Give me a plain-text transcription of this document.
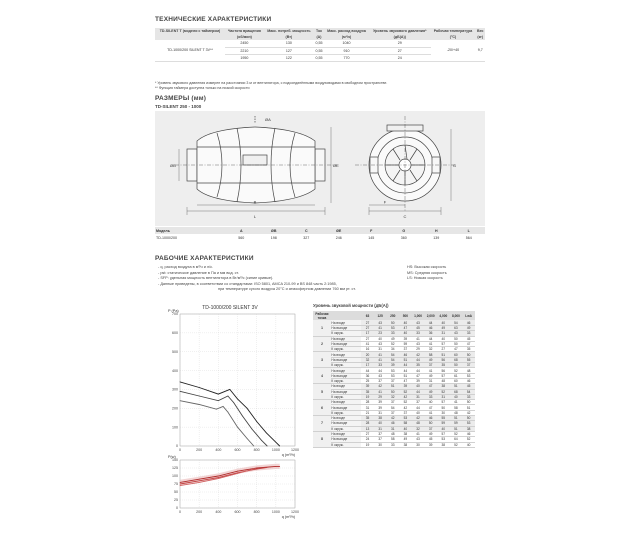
ТЕХНИЧЕСКИЕ ХАРАКТЕРИСТИКИ
TD-SILENT T (модели с таймером)	Частота вращения	Макс. потреб. мощность	Ток	Макс. расход воздуха	Уровень звукового давления*	Рабочая температура	Вес
	(об/мин)	(Вт)	(А)	(м³/ч)	(дБ(А))	(°С)	(кг)
TD-1000/200 SILENT T 3V**	2450	130	0,55	1040	29	-20/+40	9,7
	2210	127	0,55	910	27		
	1950	122	0,55	770	24		
* Уровень звукового давления измерен на расстоянии 3 м от вентилятора, с подсоединёнными воздуховодами в свободном пространстве.
** Функция таймера доступна только на низкой скорости
РАЗМЕРЫ (мм)
TD-SILENT 250 - 1000
L
B
ØA
ØB	ØE
C
F
G
Модель	A	ØB	C	ØE	F	G	H	L
TD-1000/200	560	198	327	246	145	360	139	564
РАБОЧИЕ ХАРАКТЕРИСТИКИ
- q, расход воздуха в м³/ч и л/с.
- pst: статическое давление в Па и мм вод. ст.
- SFP: удельная мощность вентилятора в Вт/м³/с (синие кривые).
- Данные приведены, в соответствии со стандартами: ISO 5801, AMCA 210-99 и BS 848 часть 2:1985,
при температуре сухого воздуха 20°С и атмосферном давлении 760 мм рт. ст.
HS: Высокая скорость
MS: Средняя скорость
LS: Низкая скорость
TD-1000/200 SILENT 3V
0	200	400	600	800	1000	1200
0
100
200
300
400
500
600
700
q (m³/h)
P (Pa)
0	200	400	600	800	1000	1200
0
25
50
75
100
125
150
q (m³/h)
P(w)
Уровень звуковой мощности (дБ(А))
Рабочая точка		63	125	250	500	1,000	2,000	4,000	8,000	LwA
1	На входе	27	43	50	40	43	44	40	54	46
	На выходе	27	41	53	47	45	46	49	63	49
	К окруж.	17	23	33	40	33	36	31	43	33
2	На входе	27	40	49	39	41	44	40	50	45
	На выходе	41	43	52	59	43	41	57	50	47
	К окруж.	16	31	34	37	29	32	27	47	35
3	На входе	20	41	54	46	42	58	51	60	50
	На выходе	32	41	54	51	44	49	56	68	55
	К окруж.	17	33	39	44	35	37	35	50	37
4	На входе	44	44	53	44	44	41	56	52	48
	На выходе	36	43	53	51	47	49	57	61	53
	К окруж.	25	37	37	47	39	31	48	60	46
5	На входе	39	42	51	39	40	47	38	51	45
	На выходе	35	41	50	52	44	49	52	68	54
	К окруж.	19	29	32	42	31	33	31	40	33
6	На входе	28	39	37	52	37	40	57	41	50
	На выходе	31	39	54	42	44	47	50	58	51
	К окруж.	21	31	37	37	40	41	30	48	42
7	На входе	35	38	42	53	42	46	55	51	50
	На выходе	28	40	46	58	48	50	59	59	53
	К окруж.	13	31	31	40	32	37	40	51	38
8	На входе	27	37	48	38	41	49	57	52	46
	На выходе	24	37	58	49	43	45	53	64	52
	К окруж.	19	30	33	38	30	39	38	52	40
